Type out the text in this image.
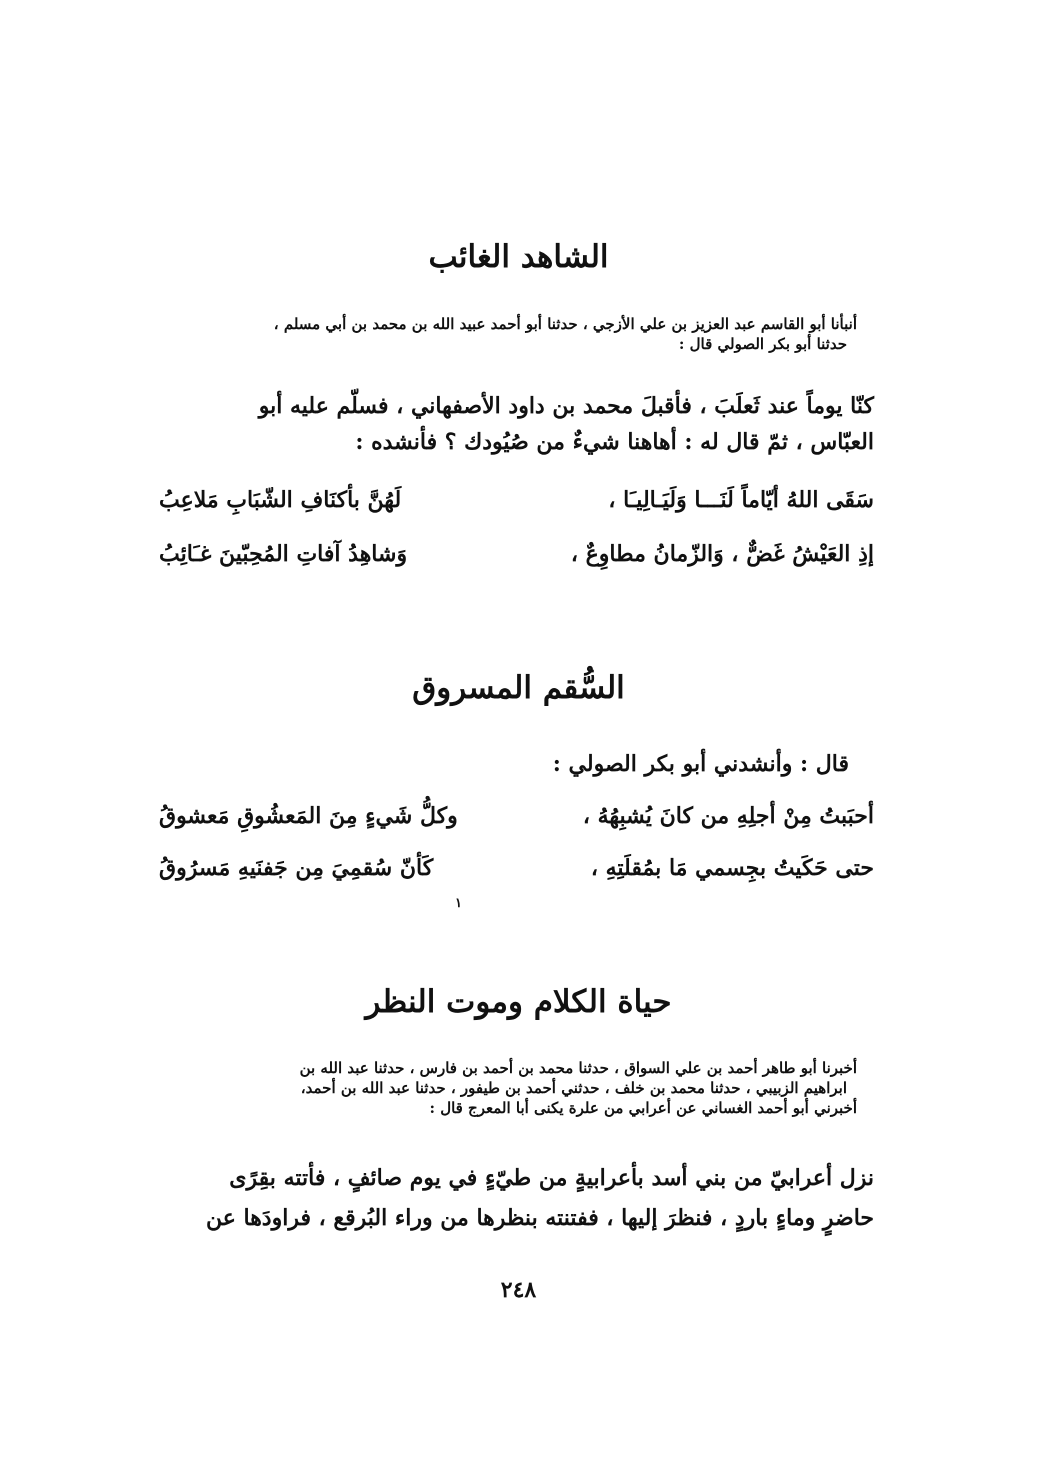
الشاهد الغائب
أنبأنا أبو القاسم عبد العزيز بن علي الأزجي ، حدثنا أبو أحمد عبيد الله بن محمد بن أبي مسلم ،
حدثنا أبو بكر الصولي قال :
كنّا يوماً عند ثَعلَبَ ، فأقبلَ محمد بن داود الأصفهاني ، فسلّم عليه أبو
العبّاس ، ثمّ قال له : أهاهنا شيءٌ من صُيُودك ؟ فأنشده :
سَقَى اللهُ أيّاماً لَنَـــا وَلَيَـالِيـَا ،
لَهُنَّ بأكنَافِ الشّبَابِ مَلاعِبُ
إذِ العَيْشُ غَضٌّ ، وَالزّمانُ مطاوِعٌ ،
وَشاهِدُ آفاتِ المُحِبّينَ غـَائِبُ
السُّقم المسروق
قال : وأنشدني أبو بكر الصولي :
أحبَبتُ مِنْ أجلِهِ من كانَ يُشبِهُهُ ،
وكلُّ شَيءٍ مِنَ المَعشُوقِ مَعشوقُ
حتى حَكَيتُ بجِسمي مَا بمُقلَتِهِ ،
كَأنّ سُقمِيَ مِن جَفنَيهِ مَسرُوقُ
١
حياة الكلام وموت النظر
أخبرنا أبو طاهر أحمد بن علي السواق ، حدثنا محمد بن أحمد بن فارس ، حدثنا عبد الله بن
ابراهيم الزبيبي ، حدثنا محمد بن خلف ، حدثني أحمد بن طيفور ، حدثنا عبد الله بن أحمد،
أخبرني أبو أحمد الغساني عن أعرابي من علرة يكنى أبا المعرج قال :
نزل أعرابيّ من بني أسد بأعرابيةٍ من طيّءٍ في يوم صائفٍ ، فأتته بقِرًى
حاضرٍ وماءٍ باردٍ ، فنظرَ إليها ، ففتنته بنظرها من وراء البُرقع ، فراودَها عن
٢٤٨
